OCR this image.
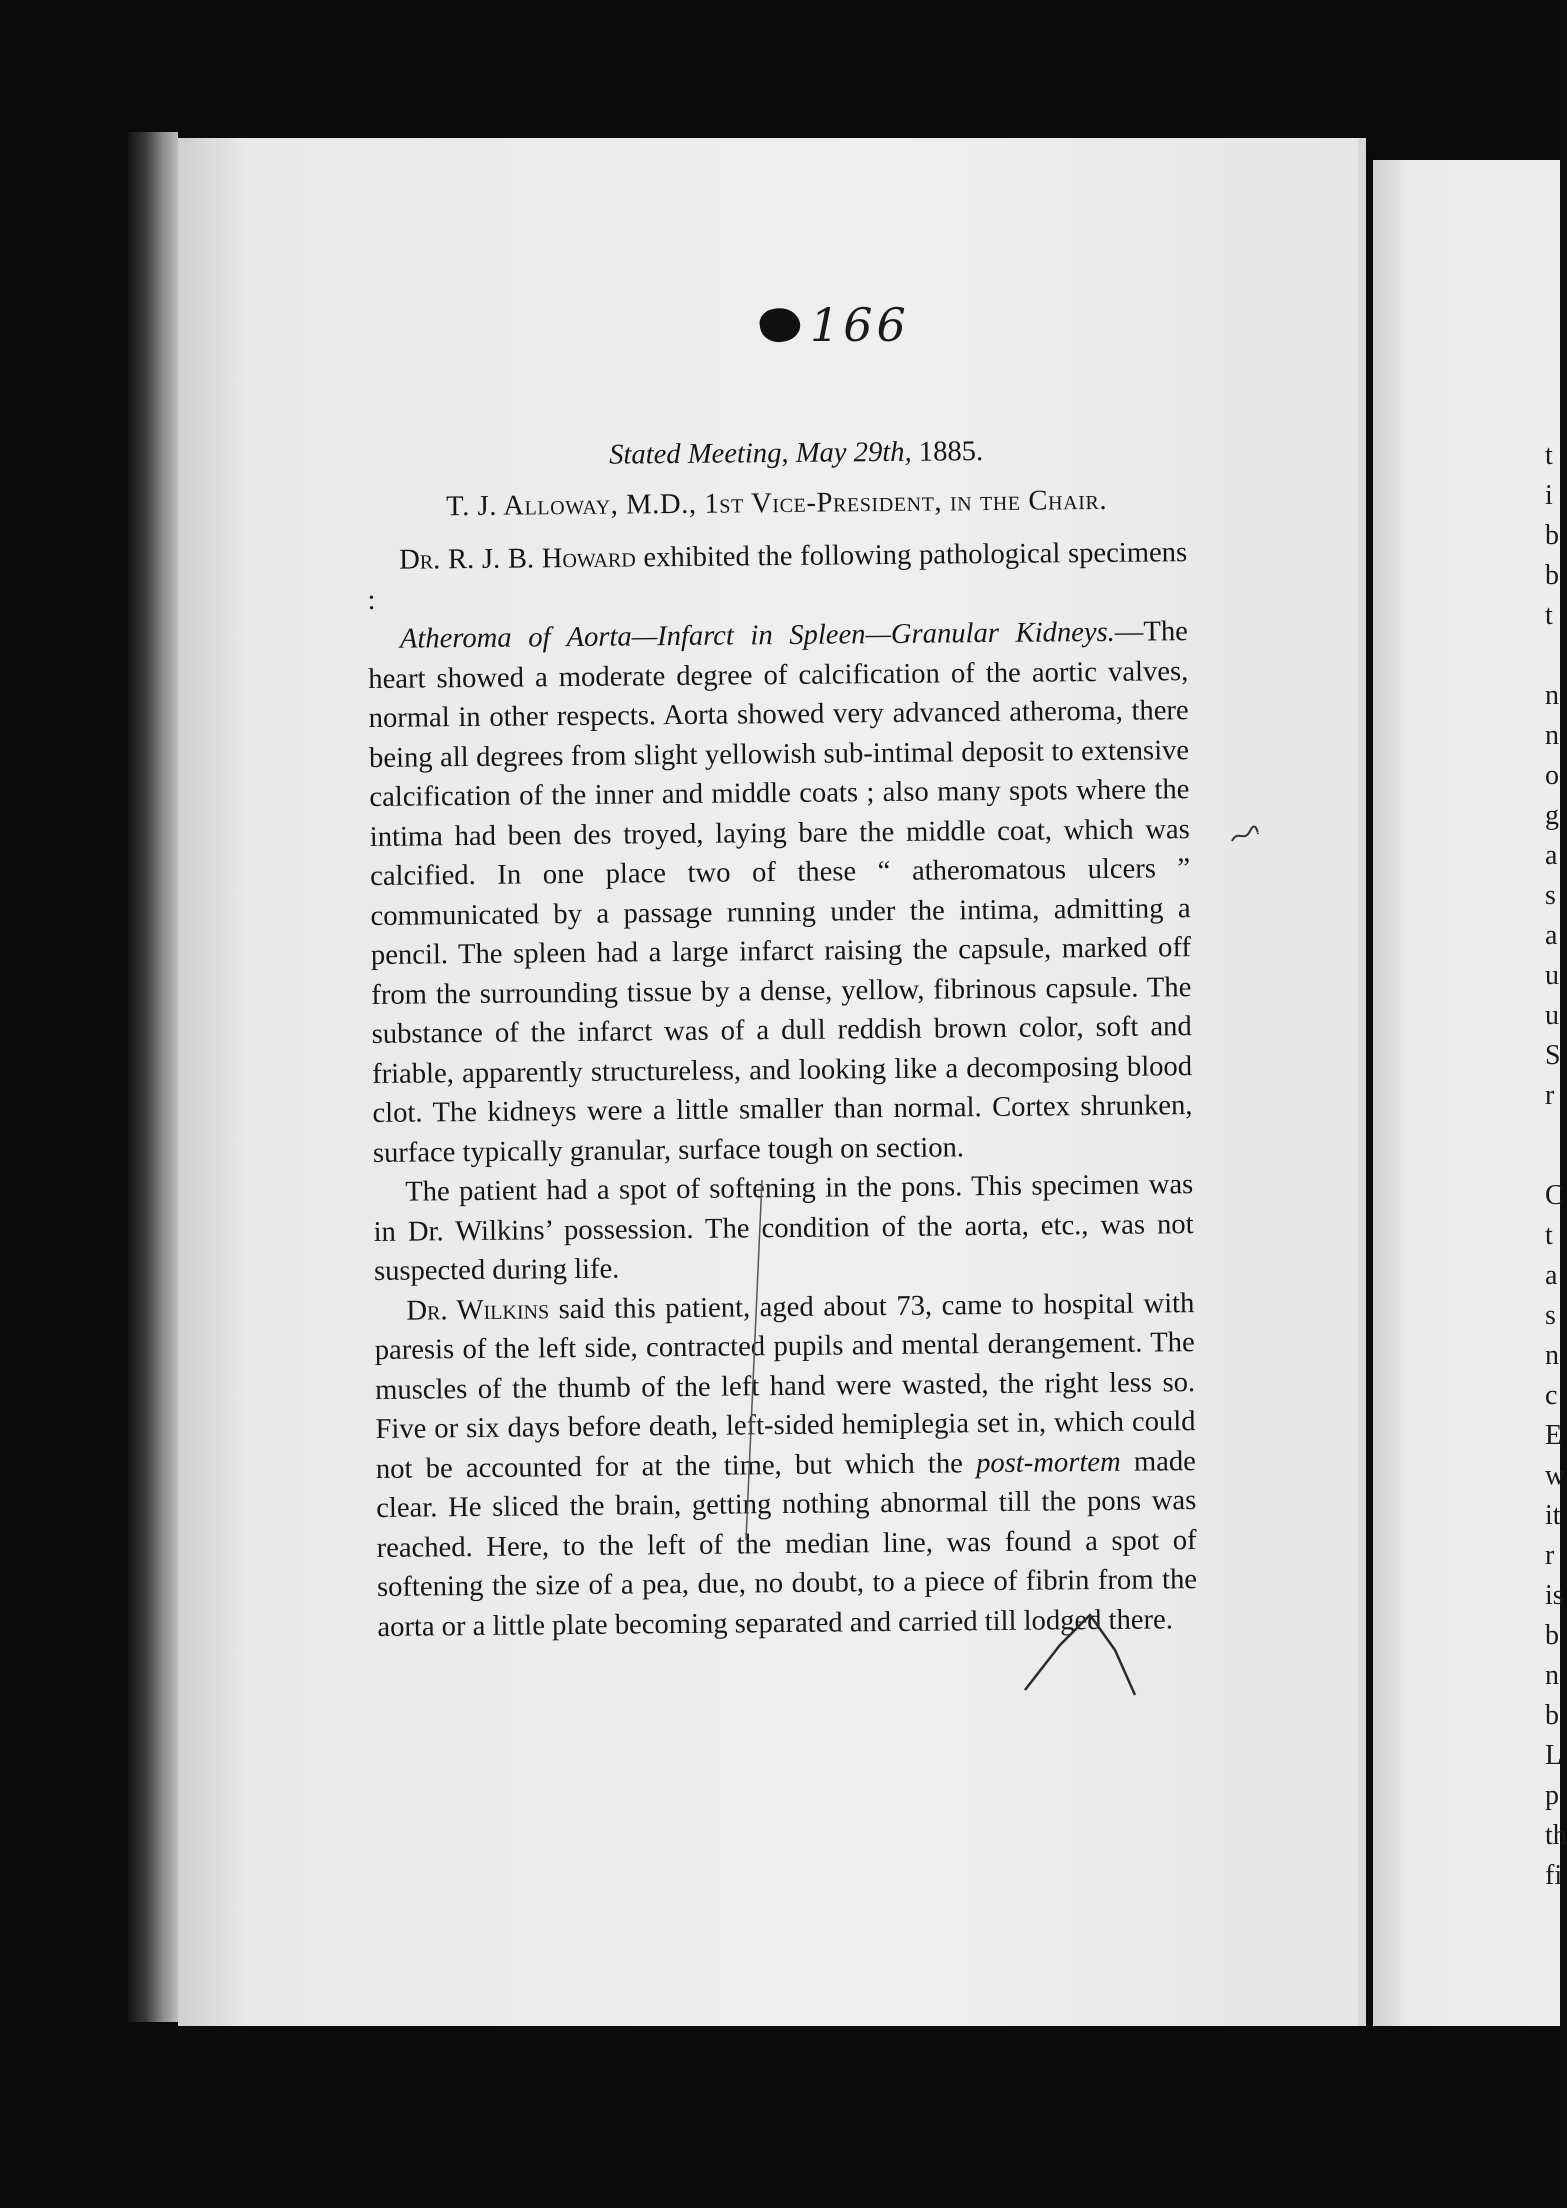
166
Stated Meeting, May 29th, 1885.
T. J. Alloway, M.D., 1st Vice-President, in the Chair.

Dr. R. J. B. Howard exhibited the following pathological specimens :

Atheroma of Aorta—Infarct in Spleen—Granular Kidneys.—The heart showed a moderate degree of calcification of the aortic valves, normal in other respects. Aorta showed very advanced atheroma, there being all degrees from slight yellowish sub-intimal deposit to extensive calcification of the inner and middle coats ; also many spots where the intima had been des troyed, laying bare the middle coat, which was calcified. In one place two of these “ atheromatous ulcers ” communicated by a passage running under the intima, admitting a pencil. The spleen had a large infarct raising the capsule, marked off from the surrounding tissue by a dense, yellow, fibrinous capsule. The substance of the infarct was of a dull reddish brown color, soft and friable, apparently structureless, and looking like a decomposing blood clot. The kidneys were a little smaller than normal. Cortex shrunken, surface typically granular, surface tough on section.

The patient had a spot of softening in the pons. This specimen was in Dr. Wilkins’ possession. The condition of the aorta, etc., was not suspected during life.

Dr. Wilkins said this patient, aged about 73, came to hospital with paresis of the left side, contracted pupils and mental derangement. The muscles of the thumb of the left hand were wasted, the right less so. Five or six days before death, left-sided hemiplegia set in, which could not be accounted for at the time, but which the post-mortem made clear. He sliced the brain, getting nothing abnormal till the pons was reached. Here, to the left of the median line, was found a spot of softening the size of a pea, due, no doubt, to a piece of fibrin from the aorta or a little plate becoming separated and carried till lodged there.

t
i
b
b
t
n
n
o
g
a
s
a
u
u
S
r
C
t
a
s
n
c
E
w
it
r
is
b
n
b
L
p
th
fi
